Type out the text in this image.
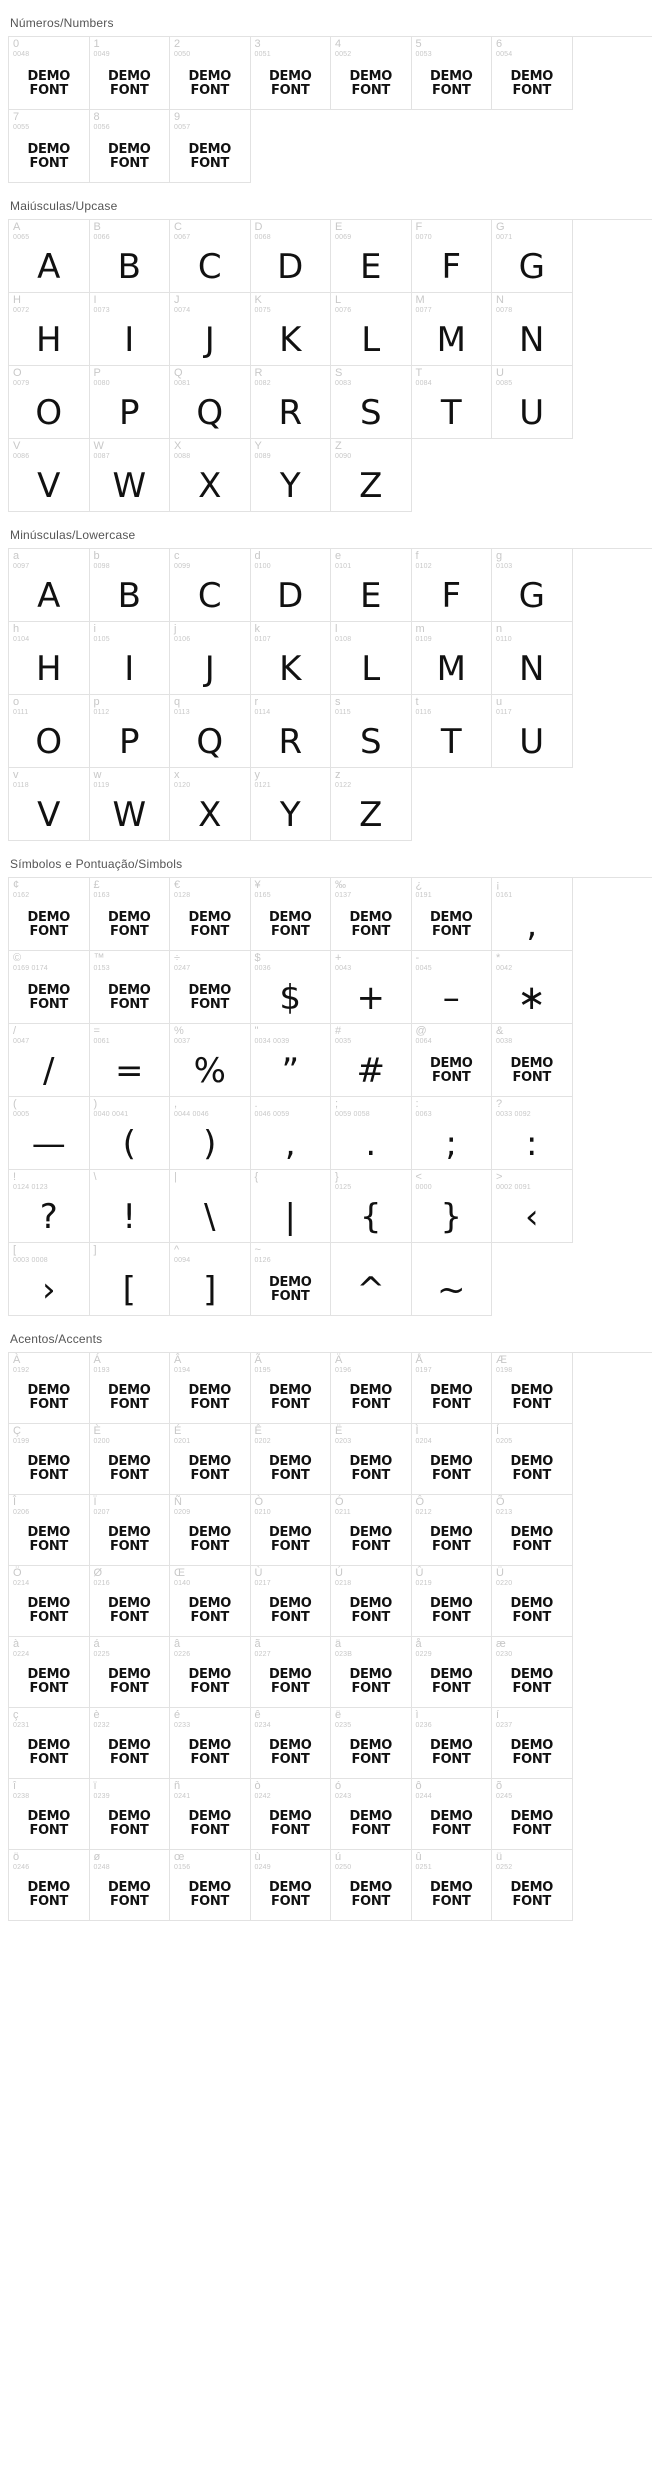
Números/Numbers
0
0048
DEMO
FONT
1
0049
DEMO
FONT
2
0050
DEMO
FONT
3
0051
DEMO
FONT
4
0052
DEMO
FONT
5
0053
DEMO
FONT
6
0054
DEMO
FONT
7
0055
DEMO
FONT
8
0056
DEMO
FONT
9
0057
DEMO
FONT
Maiúsculas/Upcase
A
0065
A
B
0066
B
C
0067
C
D
0068
D
E
0069
E
F
0070
F
G
0071
G
H
0072
H
I
0073
I
J
0074
J
K
0075
K
L
0076
L
M
0077
M
N
0078
N
O
0079
O
P
0080
P
Q
0081
Q
R
0082
R
S
0083
S
T
0084
T
U
0085
U
V
0086
V
W
0087
W
X
0088
X
Y
0089
Y
Z
0090
Z
Minúsculas/Lowercase
a
0097
A
b
0098
B
c
0099
C
d
0100
D
e
0101
E
f
0102
F
g
0103
G
h
0104
H
i
0105
I
j
0106
J
k
0107
K
l
0108
L
m
0109
M
n
0110
N
o
0111
O
p
0112
P
q
0113
Q
r
0114
R
s
0115
S
t
0116
T
u
0117
U
v
0118
V
w
0119
W
x
0120
X
y
0121
Y
z
0122
Z
Símbolos e Pontuação/Simbols
¢
0162
DEMO
FONT
£
0163
DEMO
FONT
€
0128
DEMO
FONT
¥
0165
DEMO
FONT
‰
0137
DEMO
FONT
¿
0191
DEMO
FONT
¡
0161
,
©
0169 0174
DEMO
FONT
™
0153
DEMO
FONT
÷
0247
DEMO
FONT
$
0036
$
+
0043
+
-
0045
–
*
0042
∗
/
0047
/
=
0061
=
%
0037
%
"
0034 0039
”
#
0035
#
@
0064
DEMO
FONT
&
0038
DEMO
FONT
(
0005
—
)
0040 0041
(
,
0044 0046
)
.
0046 0059
,
;
0059 0058
.
:
0063
;
?
0033 0092
:
!
0124 0123
?
\
!
|
\
{
|
}
0125
{
<
0000
}
>
0002 0091
‹
[
0003 0008
›
]
[
^
0094
]
~
0126
DEMO
FONT	^	~
Acentos/Accents
À
0192
DEMO
FONT
Á
0193
DEMO
FONT
Â
0194
DEMO
FONT
Ã
0195
DEMO
FONT
Ä
0196
DEMO
FONT
Å
0197
DEMO
FONT
Æ
0198
DEMO
FONT
Ç
0199
DEMO
FONT
È
0200
DEMO
FONT
É
0201
DEMO
FONT
Ê
0202
DEMO
FONT
Ë
0203
DEMO
FONT
Ì
0204
DEMO
FONT
Í
0205
DEMO
FONT
Î
0206
DEMO
FONT
Ï
0207
DEMO
FONT
Ñ
0209
DEMO
FONT
Ò
0210
DEMO
FONT
Ó
0211
DEMO
FONT
Ô
0212
DEMO
FONT
Õ
0213
DEMO
FONT
Ö
0214
DEMO
FONT
Ø
0216
DEMO
FONT
Œ
0140
DEMO
FONT
Ù
0217
DEMO
FONT
Ú
0218
DEMO
FONT
Û
0219
DEMO
FONT
Ü
0220
DEMO
FONT
à
0224
DEMO
FONT
á
0225
DEMO
FONT
â
0226
DEMO
FONT
ã
0227
DEMO
FONT
ä
023B
DEMO
FONT
å
0229
DEMO
FONT
æ
0230
DEMO
FONT
ç
0231
DEMO
FONT
è
0232
DEMO
FONT
é
0233
DEMO
FONT
ê
0234
DEMO
FONT
ë
0235
DEMO
FONT
ì
0236
DEMO
FONT
í
0237
DEMO
FONT
î
0238
DEMO
FONT
ï
0239
DEMO
FONT
ñ
0241
DEMO
FONT
ò
0242
DEMO
FONT
ó
0243
DEMO
FONT
ô
0244
DEMO
FONT
õ
0245
DEMO
FONT
ö
0246
DEMO
FONT
ø
0248
DEMO
FONT
œ
0156
DEMO
FONT
ù
0249
DEMO
FONT
ú
0250
DEMO
FONT
û
0251
DEMO
FONT
ü
0252
DEMO
FONT
